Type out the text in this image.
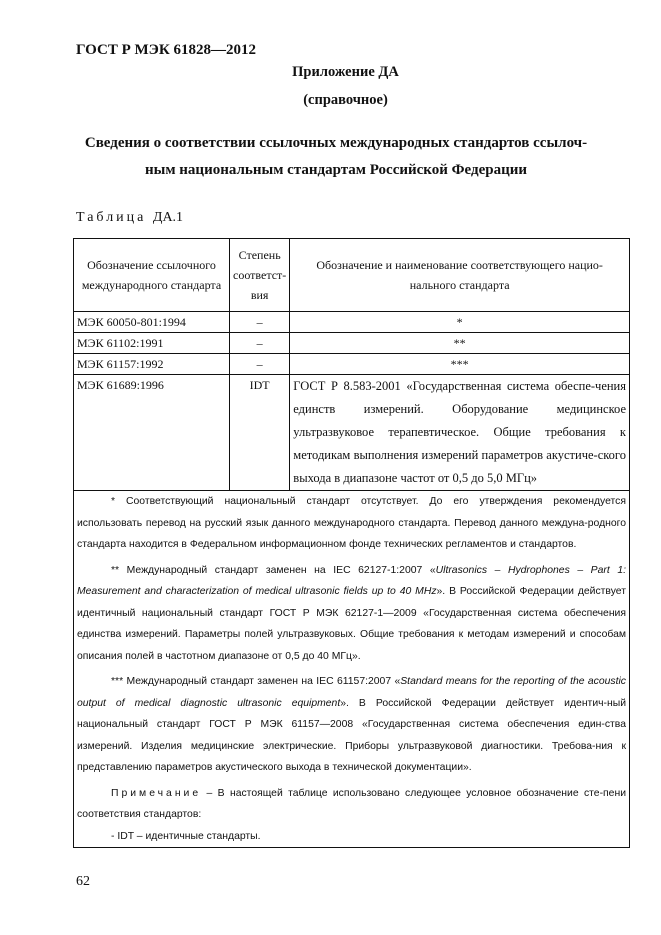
ГОСТ Р МЭК 61828—2012
Приложение ДА
(справочное)
Сведения о соответствии ссылочных международных стандартов ссылоч-ным национальным стандартам Российской Федерации
Таблица ДА.1
Обозначение ссылочного международного стандарта	Степень соответст-вия	Обозначение и наименование соответствующего нацио-нального стандарта
МЭК 60050-801:1994	–	*
МЭК 61102:1991	–	**
МЭК 61157:1992	–	***
МЭК 61689:1996	IDT	ГОСТ Р 8.583-2001 «Государственная система обеспе-чения единств измерений. Оборудование медицинское ультразвуковое терапевтическое. Общие требования к методикам выполнения измерений параметров акустиче-ского выхода в диапазоне частот от 0,5 до 5,0 МГц»

* Соответствующий национальный стандарт отсутствует. До его утверждения рекомендуется использовать перевод на русский язык данного международного стандарта. Перевод данного междуна-родного стандарта находится в Федеральном информационном фонде технических регламентов и стандартов.

** Международный стандарт заменен на IEC 62127-1:2007 «Ultrasonics – Hydrophones – Part 1: Measurement and characterization of medical ultrasonic fields up to 40 MHz». В Российской Федерации действует идентичный национальный стандарт ГОСТ Р МЭК 62127-1—2009 «Государственная система обеспечения единства измерений. Параметры полей ультразвуковых. Общие требования к методам измерений и способам описания полей в частотном диапазоне от 0,5 до 40 МГц».

*** Международный стандарт заменен на IEC 61157:2007 «Standard means for the reporting of the acoustic output of medical diagnostic ultrasonic equipment». В Российской Федерации действует идентич-ный национальный стандарт ГОСТ Р МЭК 61157—2008 «Государственная система обеспечения един-ства измерений. Изделия медицинские электрические. Приборы ультразвуковой диагностики. Требова-ния к представлению параметров акустического выхода в технической документации».

Примечание – В настоящей таблице использовано следующее условное обозначение сте-пени соответствия стандартов:

- IDT – идентичные стандарты.		

62
